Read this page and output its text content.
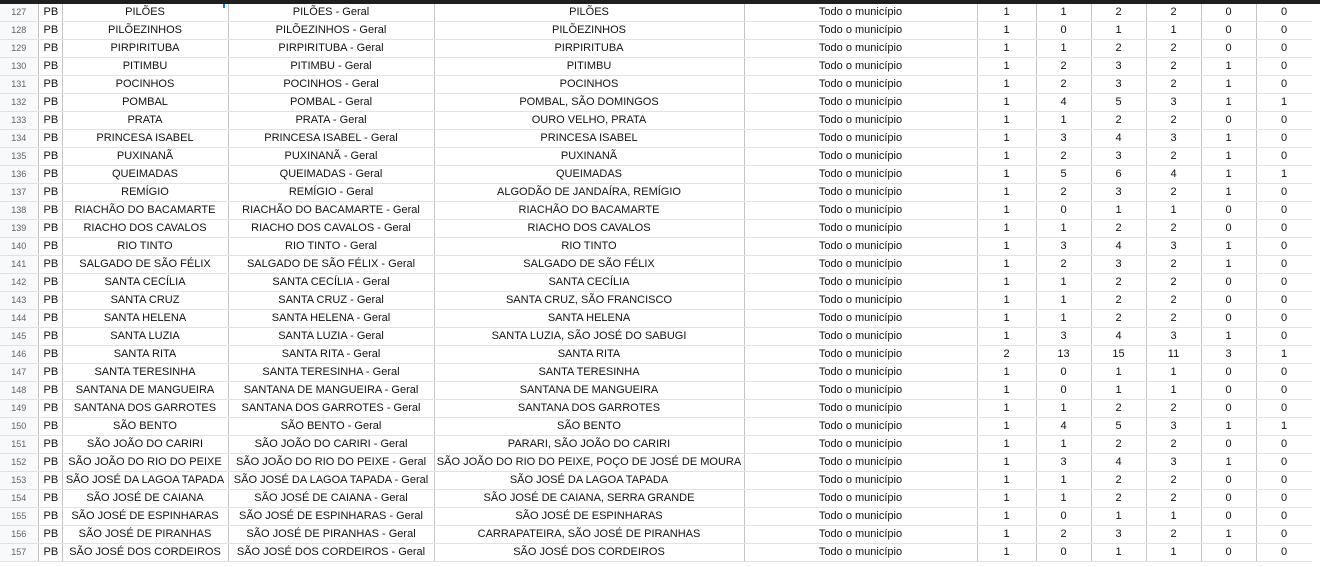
127	PB	PILÕES	PILÕES - Geral	PILÕES	Todo o município	1	1	2	2	0	0
128	PB	PILÕEZINHOS	PILÕEZINHOS - Geral	PILÕEZINHOS	Todo o município	1	0	1	1	0	0
129	PB	PIRPIRITUBA	PIRPIRITUBA - Geral	PIRPIRITUBA	Todo o município	1	1	2	2	0	0
130	PB	PITIMBU	PITIMBU - Geral	PITIMBU	Todo o município	1	2	3	2	1	0
131	PB	POCINHOS	POCINHOS - Geral	POCINHOS	Todo o município	1	2	3	2	1	0
132	PB	POMBAL	POMBAL - Geral	POMBAL, SÃO DOMINGOS	Todo o município	1	4	5	3	1	1
133	PB	PRATA	PRATA - Geral	OURO VELHO, PRATA	Todo o município	1	1	2	2	0	0
134	PB	PRINCESA ISABEL	PRINCESA ISABEL - Geral	PRINCESA ISABEL	Todo o município	1	3	4	3	1	0
135	PB	PUXINANÃ	PUXINANÃ - Geral	PUXINANÃ	Todo o município	1	2	3	2	1	0
136	PB	QUEIMADAS	QUEIMADAS - Geral	QUEIMADAS	Todo o município	1	5	6	4	1	1
137	PB	REMÍGIO	REMÍGIO - Geral	ALGODÃO DE JANDAÍRA, REMÍGIO	Todo o município	1	2	3	2	1	0
138	PB	RIACHÃO DO BACAMARTE	RIACHÃO DO BACAMARTE - Geral	RIACHÃO DO BACAMARTE	Todo o município	1	0	1	1	0	0
139	PB	RIACHO DOS CAVALOS	RIACHO DOS CAVALOS - Geral	RIACHO DOS CAVALOS	Todo o município	1	1	2	2	0	0
140	PB	RIO TINTO	RIO TINTO - Geral	RIO TINTO	Todo o município	1	3	4	3	1	0
141	PB	SALGADO DE SÃO FÉLIX	SALGADO DE SÃO FÉLIX - Geral	SALGADO DE SÃO FÉLIX	Todo o município	1	2	3	2	1	0
142	PB	SANTA CECÍLIA	SANTA CECÍLIA - Geral	SANTA CECÍLIA	Todo o município	1	1	2	2	0	0
143	PB	SANTA CRUZ	SANTA CRUZ - Geral	SANTA CRUZ, SÃO FRANCISCO	Todo o município	1	1	2	2	0	0
144	PB	SANTA HELENA	SANTA HELENA - Geral	SANTA HELENA	Todo o município	1	1	2	2	0	0
145	PB	SANTA LUZIA	SANTA LUZIA - Geral	SANTA LUZIA, SÃO JOSÉ DO SABUGI	Todo o município	1	3	4	3	1	0
146	PB	SANTA RITA	SANTA RITA - Geral	SANTA RITA	Todo o município	2	13	15	11	3	1
147	PB	SANTA TERESINHA	SANTA TERESINHA - Geral	SANTA TERESINHA	Todo o município	1	0	1	1	0	0
148	PB	SANTANA DE MANGUEIRA	SANTANA DE MANGUEIRA - Geral	SANTANA DE MANGUEIRA	Todo o município	1	0	1	1	0	0
149	PB	SANTANA DOS GARROTES	SANTANA DOS GARROTES - Geral	SANTANA DOS GARROTES	Todo o município	1	1	2	2	0	0
150	PB	SÃO BENTO	SÃO BENTO - Geral	SÃO BENTO	Todo o município	1	4	5	3	1	1
151	PB	SÃO JOÃO DO CARIRI	SÃO JOÃO DO CARIRI - Geral	PARARI, SÃO JOÃO DO CARIRI	Todo o município	1	1	2	2	0	0
152	PB	SÃO JOÃO DO RIO DO PEIXE	SÃO JOÃO DO RIO DO PEIXE - Geral	SÃO JOÃO DO RIO DO PEIXE, POÇO DE JOSÉ DE MOURA	Todo o município	1	3	4	3	1	0
153	PB	SÃO JOSÉ DA LAGOA TAPADA	SÃO JOSÉ DA LAGOA TAPADA - Geral	SÃO JOSÉ DA LAGOA TAPADA	Todo o município	1	1	2	2	0	0
154	PB	SÃO JOSÉ DE CAIANA	SÃO JOSÉ DE CAIANA - Geral	SÃO JOSÉ DE CAIANA, SERRA GRANDE	Todo o município	1	1	2	2	0	0
155	PB	SÃO JOSÉ DE ESPINHARAS	SÃO JOSÉ DE ESPINHARAS - Geral	SÃO JOSÉ DE ESPINHARAS	Todo o município	1	0	1	1	0	0
156	PB	SÃO JOSÉ DE PIRANHAS	SÃO JOSÉ DE PIRANHAS - Geral	CARRAPATEIRA, SÃO JOSÉ DE PIRANHAS	Todo o município	1	2	3	2	1	0
157	PB	SÃO JOSÉ DOS CORDEIROS	SÃO JOSÉ DOS CORDEIROS - Geral	SÃO JOSÉ DOS CORDEIROS	Todo o município	1	0	1	1	0	0
